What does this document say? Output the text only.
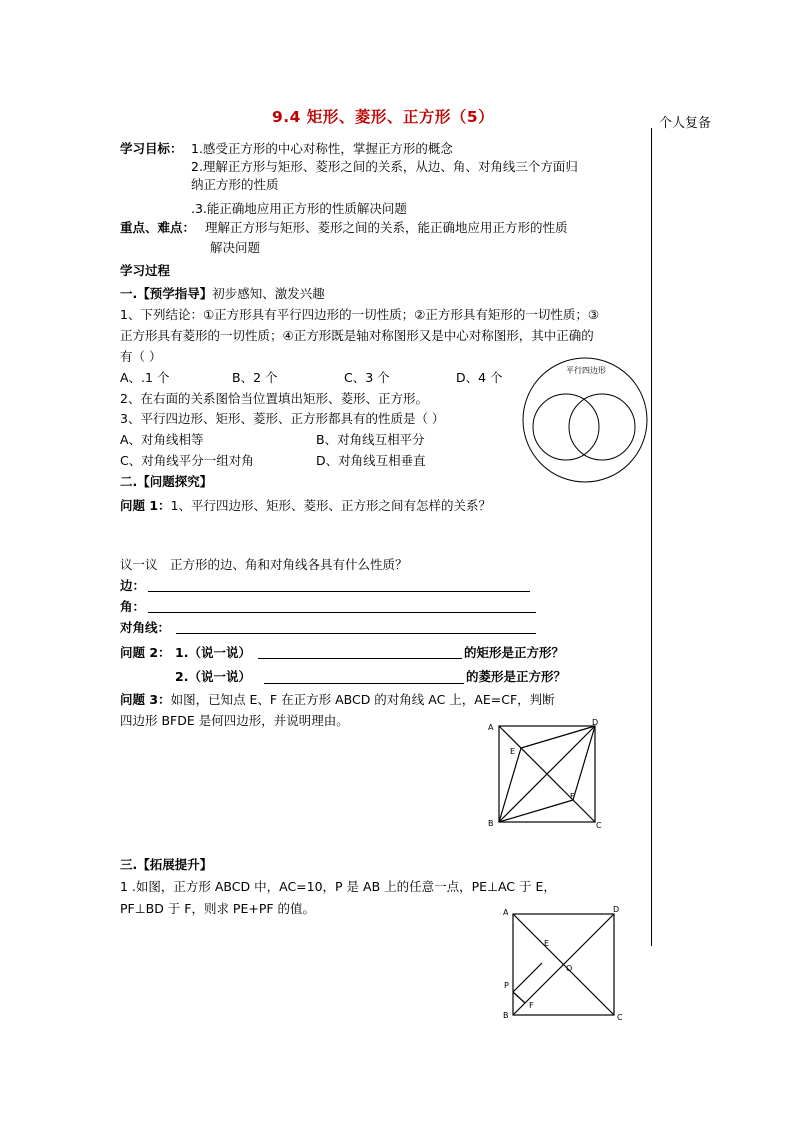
9.4 矩形、菱形、正方形（5）	个人复备
学习目标： 1.感受正方形的中心对称性，掌握正方形的概念
2.理解正方形与矩形、菱形之间的关系，从边、角、对角线三个方面归
纳正方形的性质
.3.能正确地应用正方形的性质解决问题
重点、难点： 理解正方形与矩形、菱形之间的关系，能正确地应用正方形的性质
解决问题
学习过程
一.【预学指导】初步感知、激发兴趣
1、下列结论：①正方形具有平行四边形的一切性质；②正方形具有矩形的一切性质；③
正方形具有菱形的一切性质；④正方形既是轴对称图形又是中心对称图形，其中正确的
有（ ）
A、.1 个	B、2 个	C、3 个	D、4 个
2、在右面的关系图恰当位置填出矩形、菱形、正方形。
3、平行四边形、矩形、菱形、正方形都具有的性质是（ ）
A、对角线相等	B、对角线互相平分
C、对角线平分一组对角	D、对角线互相垂直
平行四边形
二.【问题探究】
问题 1：1、平行四边形、矩形、菱形、正方形之间有怎样的关系？
议一议　正方形的边、角和对角线各具有什么性质？
边：
角：
对角线：
问题 2： 1.（说一说）	的矩形是正方形？
2.（说一说）	的菱形是正方形？
问题 3：如图，已知点 E、F 在正方形 ABCD 的对角线 AC 上，AE=CF，判断
四边形 BFDE 是何四边形，并说明理由。	A
D
E
F
B	C
三.【拓展提升】
1 .如图，正方形 ABCD 中，AC=10，P 是 AB 上的任意一点，PE⊥AC 于 E，
PF⊥BD 于 F，则求 PE+PF 的值。	A	D
E
O
P
F
B	C
